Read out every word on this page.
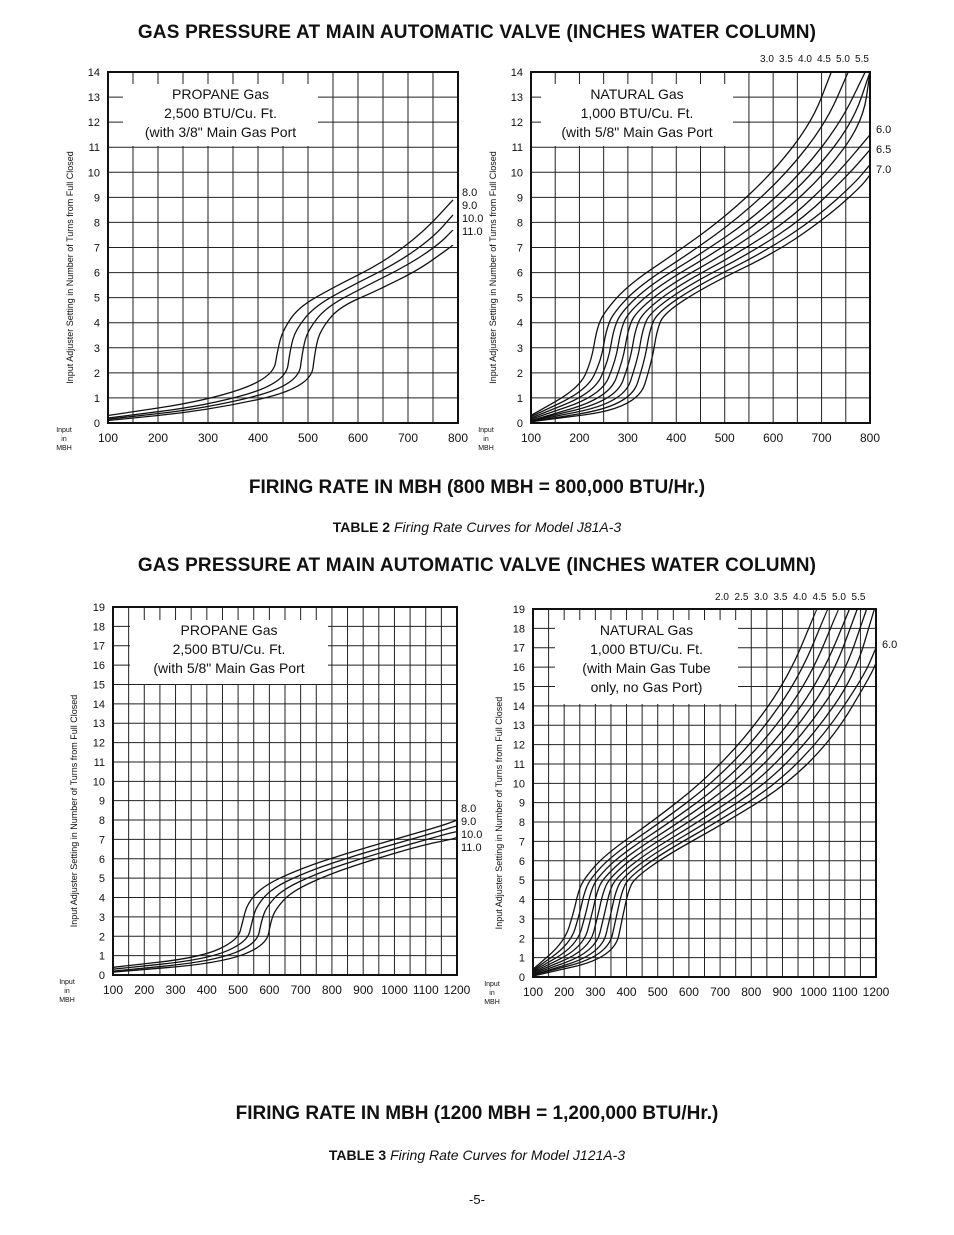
GAS PRESSURE AT MAIN AUTOMATIC VALVE (INCHES WATER COLUMN)
0
1
2
3
4
5
6
7
8
9
10
11
12
13
14
100 200 300 400 500 600 700 800
Input Adjuster Setting in Number of Turns from Full Closed
Input
in
MBH
8.0
9.0
10.0
11.0
PROPANE Gas
2,500 BTU/Cu. Ft.
(with 3/8" Main Gas Port
0
1
2
3
4
5
6
7
8
9
10
11
12
13
14
100 200 300 400 500 600 700 800
Input Adjuster Setting in Number of Turns from Full Closed
Input
in
MBH
3.0 3.5 4.0 4.5 5.0 5.5
6.0
6.5
7.0
NATURAL Gas
1,000 BTU/Cu. Ft.
(with 5/8" Main Gas Port
0
1
2
3
4
5
6
7
8
9
10
11
12
13
14
15
16
17
18
19
100 200 300 400 500 600 700 800 900 1000 1100 1200
Input Adjuster Setting in Number of Turns from Full Closed
Input
in
MBH
8.0
9.0
10.0
11.0
PROPANE Gas
2,500 BTU/Cu. Ft.
(with 5/8" Main Gas Port
0
1
2
3
4
5
6
7
8
9
10
11
12
13
14
15
16
17
18
19
100 200 300 400 500 600 700 800 900 1000 1100 1200
Input Adjuster Setting in Number of Turns from Full Closed
Input
in
MBH
2.0 2.5 3.0 3.5 4.0 4.5 5.0 5.5
6.0
NATURAL Gas
1,000 BTU/Cu. Ft.
(with Main Gas Tube
only, no Gas Port)
FIRING RATE IN MBH (800 MBH = 800,000 BTU/Hr.)
TABLE 2 Firing Rate Curves for Model J81A-3
GAS PRESSURE AT MAIN AUTOMATIC VALVE (INCHES WATER COLUMN)
FIRING RATE IN MBH (1200 MBH = 1,200,000 BTU/Hr.)
TABLE 3 Firing Rate Curves for Model J121A-3
-5-
